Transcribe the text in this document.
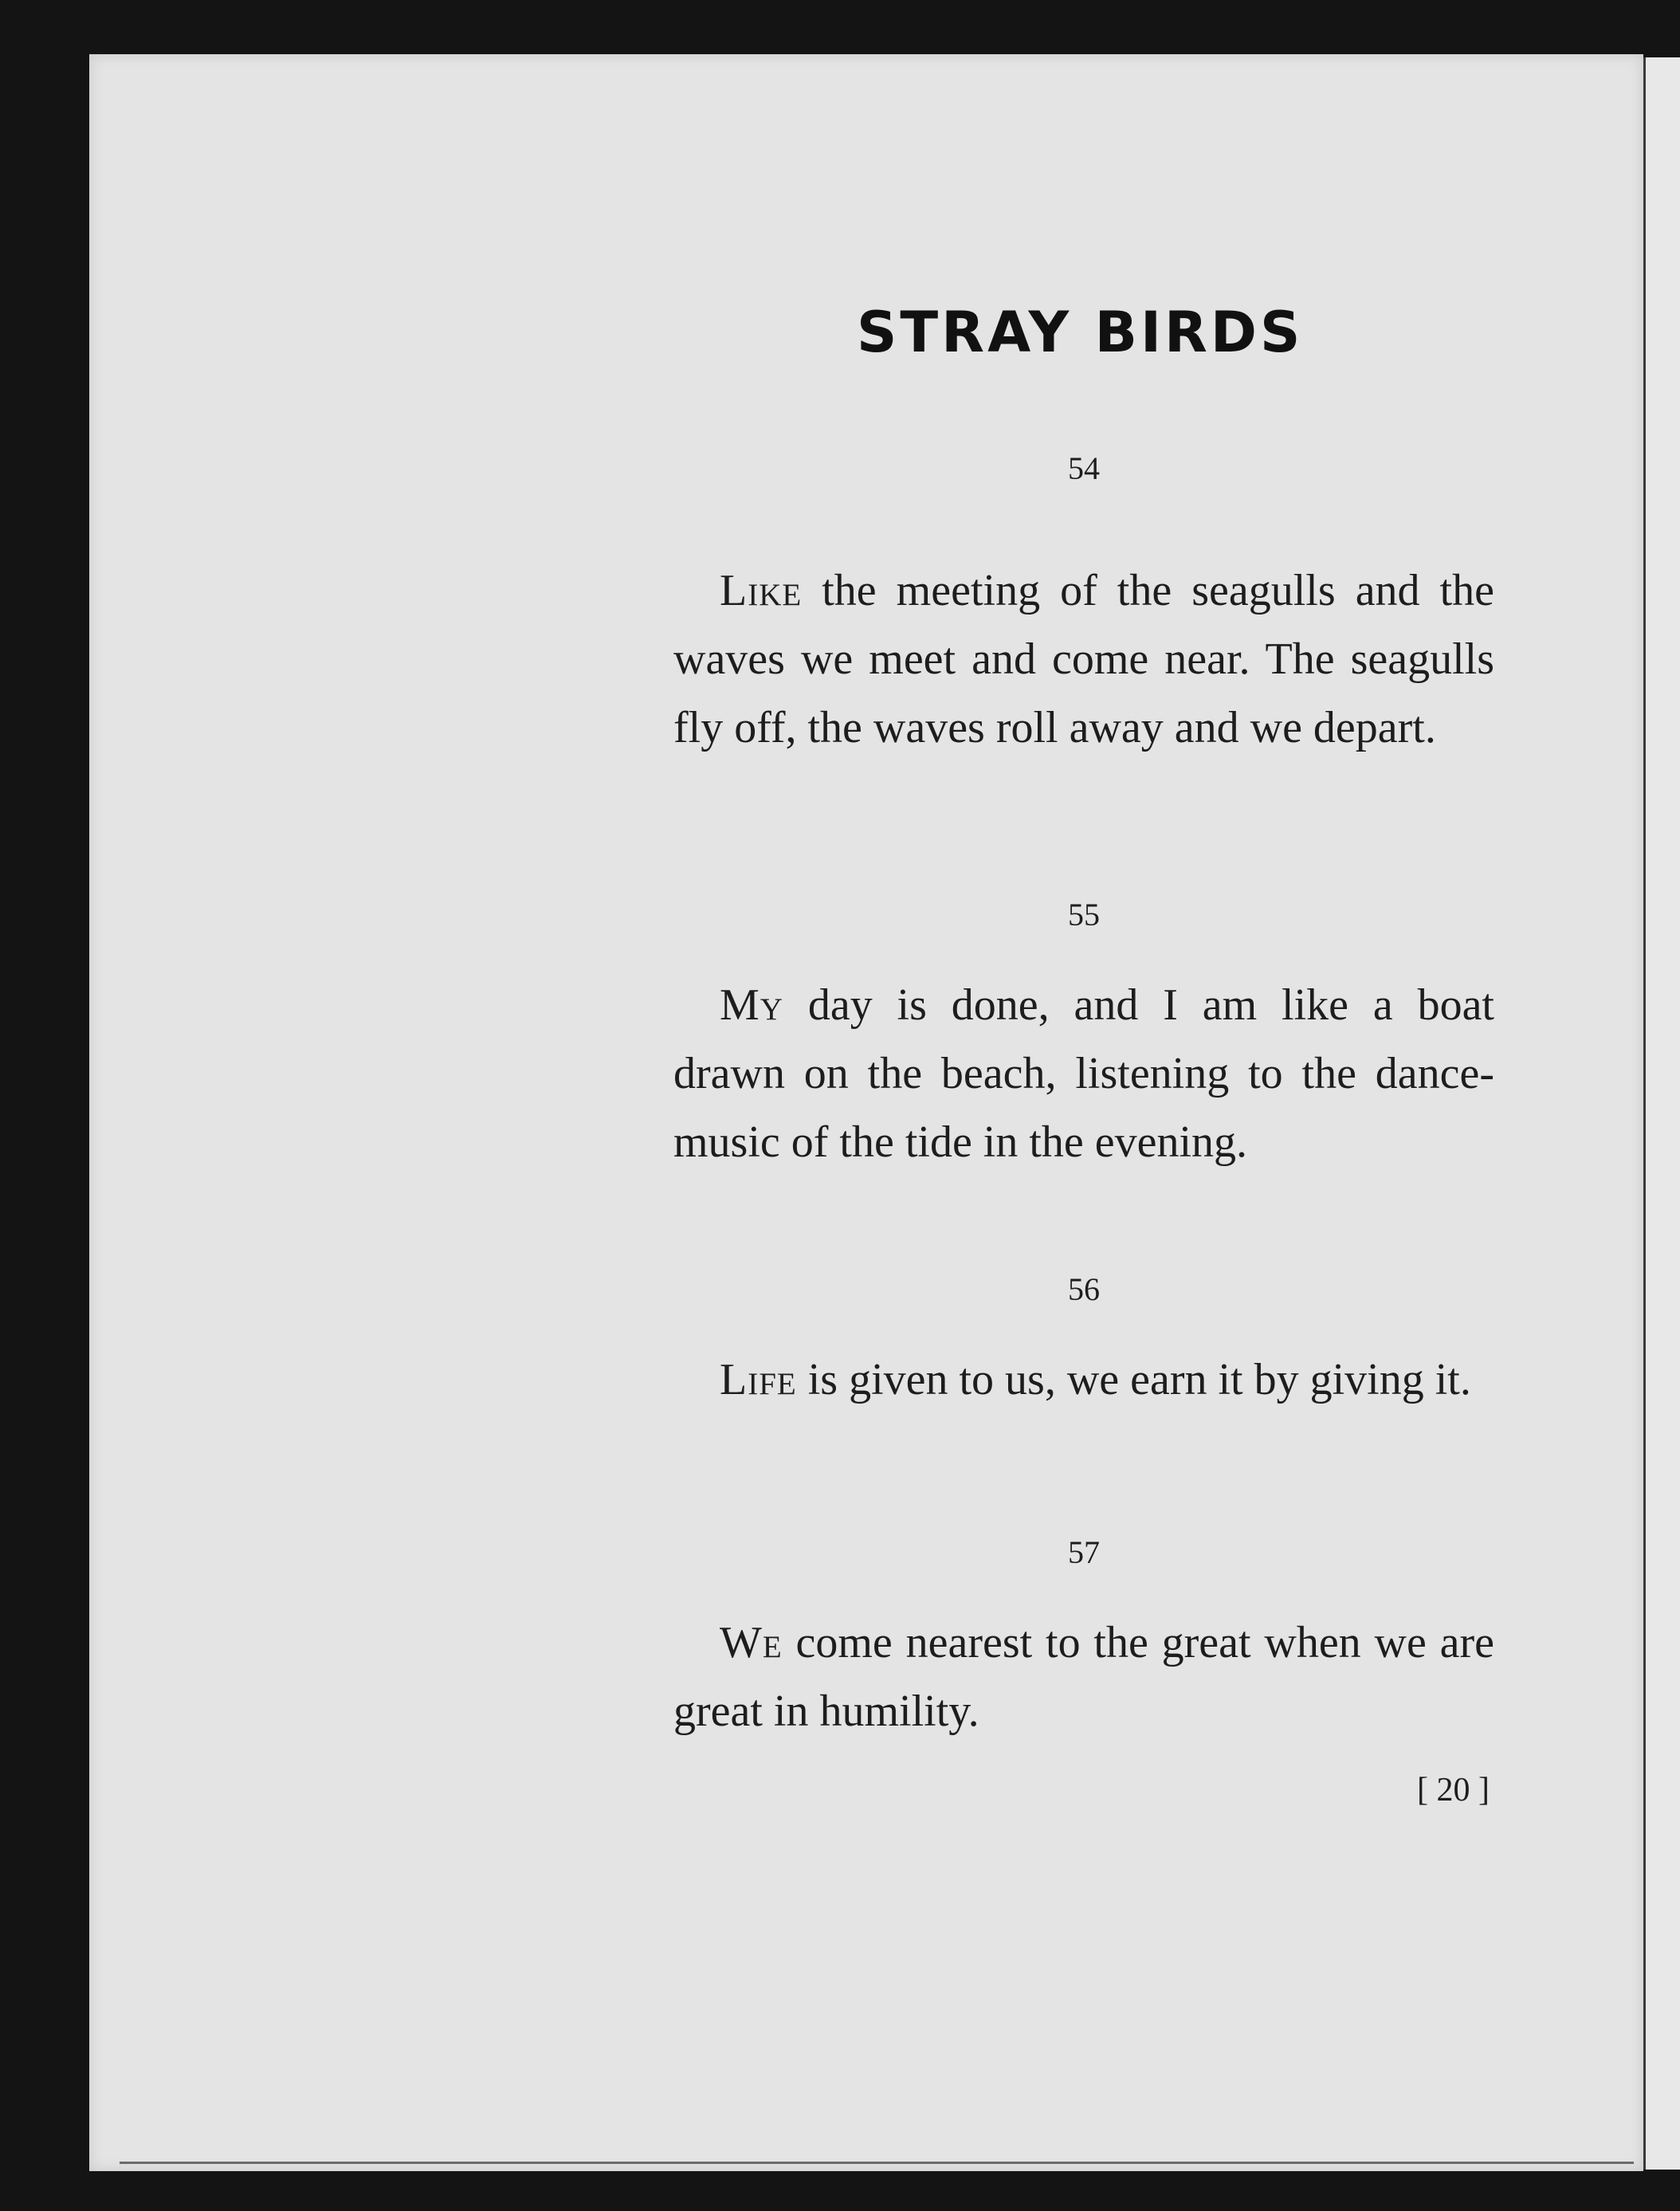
STRAY BIRDS
54

Like the meeting of the seagulls and the waves we meet and come near. The seagulls fly off, the waves roll away and we depart.

55

My day is done, and I am like a boat drawn on the beach, listening to the dance-music of the tide in the evening.

56

Life is given to us, we earn it by giving it.

57

We come nearest to the great when we are great in humility.

[ 20 ]
